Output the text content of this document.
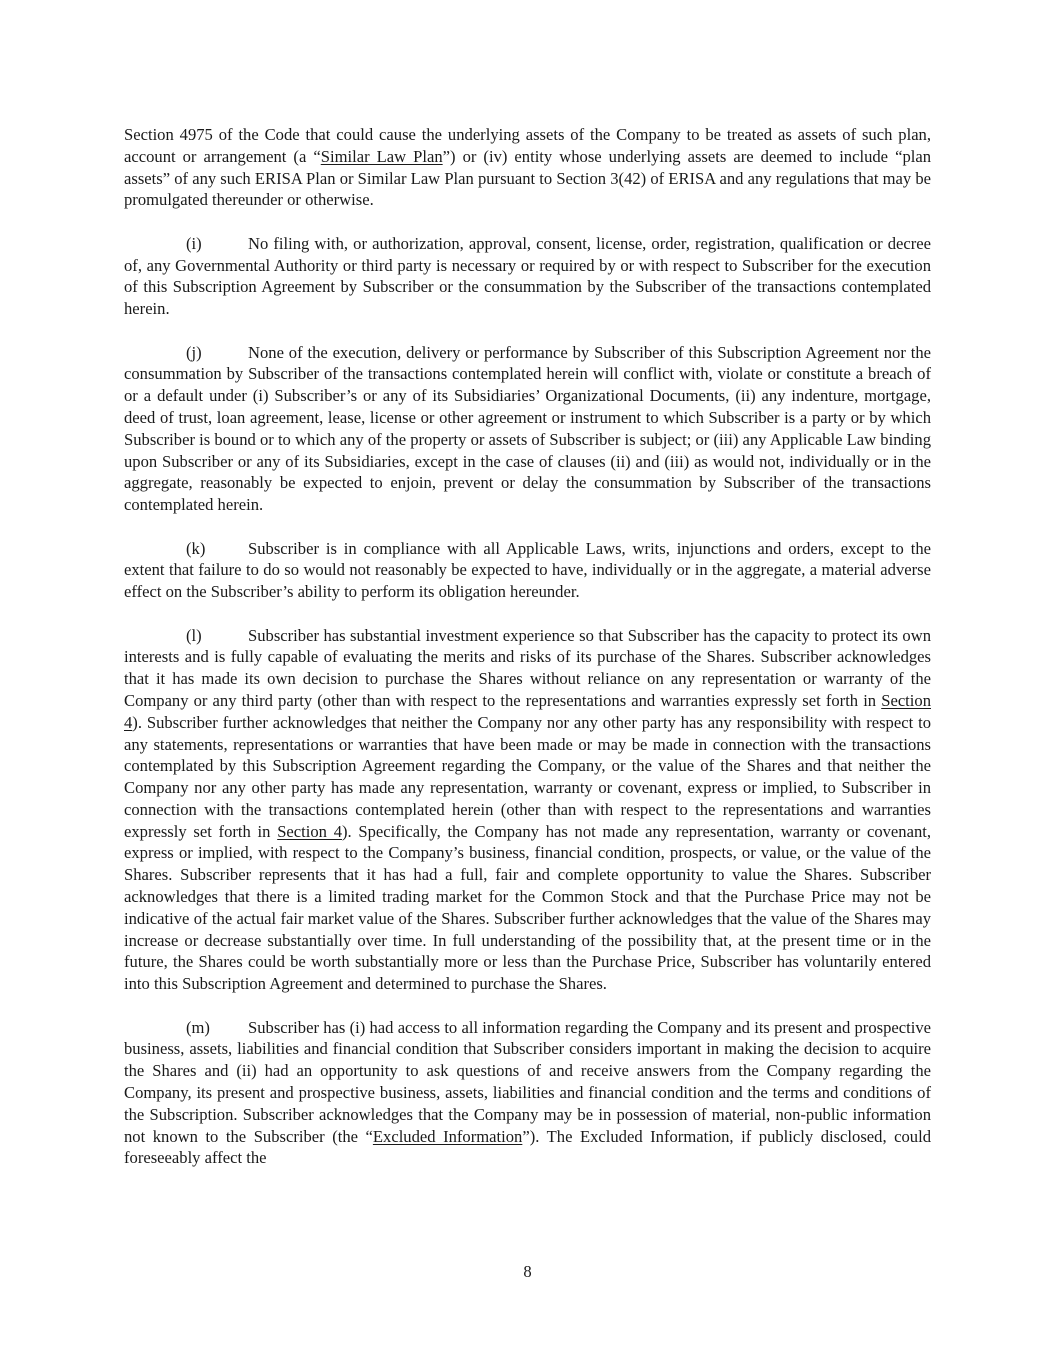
Section 4975 of the Code that could cause the underlying assets of the Company to be treated as assets of such plan, account or arrangement (a “Similar Law Plan”) or (iv) entity whose underlying assets are deemed to include “plan assets” of any such ERISA Plan or Similar Law Plan pursuant to Section 3(42) of ERISA and any regulations that may be promulgated thereunder or otherwise.

(i)	No filing with, or authorization, approval, consent, license, order, registration, qualification or decree of, any Governmental Authority or third party is necessary or required by or with respect to Subscriber for the execution of this Subscription Agreement by Subscriber or the consummation by the Subscriber of the transactions contemplated herein.

(j)	None of the execution, delivery or performance by Subscriber of this Subscription Agreement nor the consummation by Subscriber of the transactions contemplated herein will conflict with, violate or constitute a breach of or a default under (i) Subscriber’s or any of its Subsidiaries’ Organizational Documents, (ii) any indenture, mortgage, deed of trust, loan agreement, lease, license or other agreement or instrument to which Subscriber is a party or by which Subscriber is bound or to which any of the property or assets of Subscriber is subject; or (iii) any Applicable Law binding upon Subscriber or any of its Subsidiaries, except in the case of clauses (ii) and (iii) as would not, individually or in the aggregate, reasonably be expected to enjoin, prevent or delay the consummation by Subscriber of the transactions contemplated herein.

(k)	Subscriber is in compliance with all Applicable Laws, writs, injunctions and orders, except to the extent that failure to do so would not reasonably be expected to have, individually or in the aggregate, a material adverse effect on the Subscriber’s ability to perform its obligation hereunder.

(l)	Subscriber has substantial investment experience so that Subscriber has the capacity to protect its own interests and is fully capable of evaluating the merits and risks of its purchase of the Shares. Subscriber acknowledges that it has made its own decision to purchase the Shares without reliance on any representation or warranty of the Company or any third party (other than with respect to the representations and warranties expressly set forth in Section 4). Subscriber further acknowledges that neither the Company nor any other party has any responsibility with respect to any statements, representations or warranties that have been made or may be made in connection with the transactions contemplated by this Subscription Agreement regarding the Company, or the value of the Shares and that neither the Company nor any other party has made any representation, warranty or covenant, express or implied, to Subscriber in connection with the transactions contemplated herein (other than with respect to the representations and warranties expressly set forth in Section 4). Specifically, the Company has not made any representation, warranty or covenant, express or implied, with respect to the Company’s business, financial condition, prospects, or value, or the value of the Shares. Subscriber represents that it has had a full, fair and complete opportunity to value the Shares. Subscriber acknowledges that there is a limited trading market for the Common Stock and that the Purchase Price may not be indicative of the actual fair market value of the Shares. Subscriber further acknowledges that the value of the Shares may increase or decrease substantially over time. In full understanding of the possibility that, at the present time or in the future, the Shares could be worth substantially more or less than the Purchase Price, Subscriber has voluntarily entered into this Subscription Agreement and determined to purchase the Shares.

(m) Subscriber has (i) had access to all information regarding the Company and its present and prospective business, assets, liabilities and financial condition that Subscriber considers important in making the decision to acquire the Shares and (ii) had an opportunity to ask questions of and receive answers from the Company regarding the Company, its present and prospective business, assets, liabilities and financial condition and the terms and conditions of the Subscription. Subscriber acknowledges that the Company may be in possession of material, non-public information not known to the Subscriber (the “Excluded Information”). The Excluded Information, if publicly disclosed, could foreseeably affect the

8
